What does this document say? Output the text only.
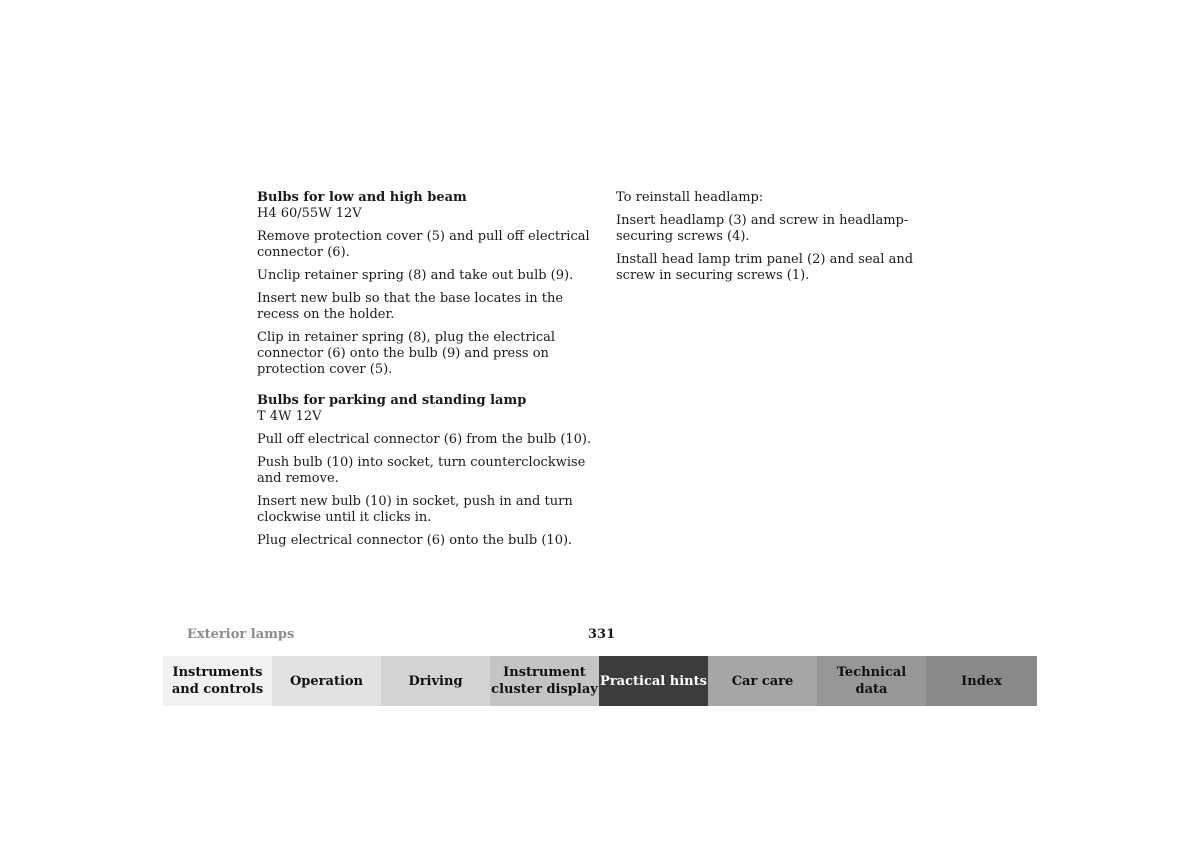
Bulbs for low and high beam
H4 60/55W 12V

Remove protection cover (5) and pull off electrical connector (6).

Unclip retainer spring (8) and take out bulb (9).

Insert new bulb so that the base locates in the recess on the holder.

Clip in retainer spring (8), plug the electrical connector (6) onto the bulb (9) and press on protection cover (5).

Bulbs for parking and standing lamp
T 4W 12V

Pull off electrical connector (6) from the bulb (10).

Push bulb (10) into socket, turn counterclockwise and remove.

Insert new bulb (10) in socket, push in and turn clockwise until it clicks in.

Plug electrical connector (6) onto the bulb (10).

To reinstall headlamp:

Insert headlamp (3) and screw in headlamp-securing screws (4).

Install head lamp trim panel (2) and seal and screw in securing screws (1).

Exterior lamps	331
Instruments
and controls
Operation	Driving
Instrument
cluster display
Practical hints	Car care
Technical
data
Index
